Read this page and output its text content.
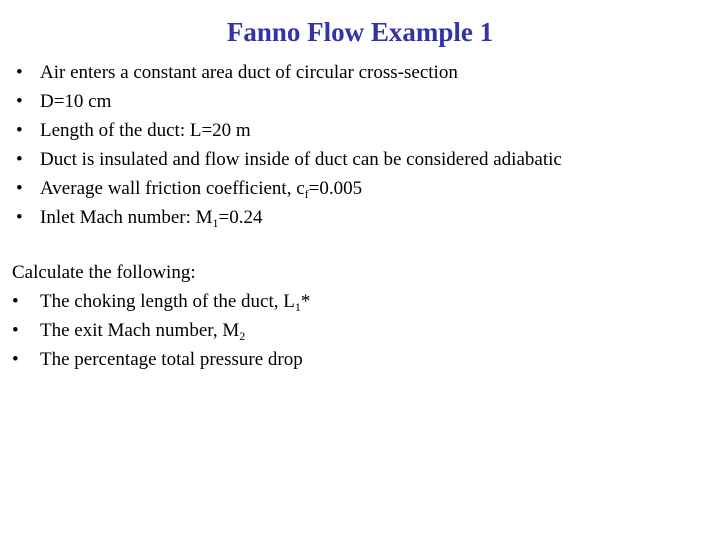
Fanno Flow Example 1
• Air enters a constant area duct of circular cross-section
• D=10 cm
• Length of the duct: L=20 m
• Duct is insulated and flow inside of duct can be considered adiabatic
• Average wall friction coefficient, $c_f=0.005$
• Inlet Mach number: $M_1=0.24$
Calculate the following:
• The choking length of the duct, $L_1*$
• The exit Mach number, $M_2$
• The percentage total pressure drop
